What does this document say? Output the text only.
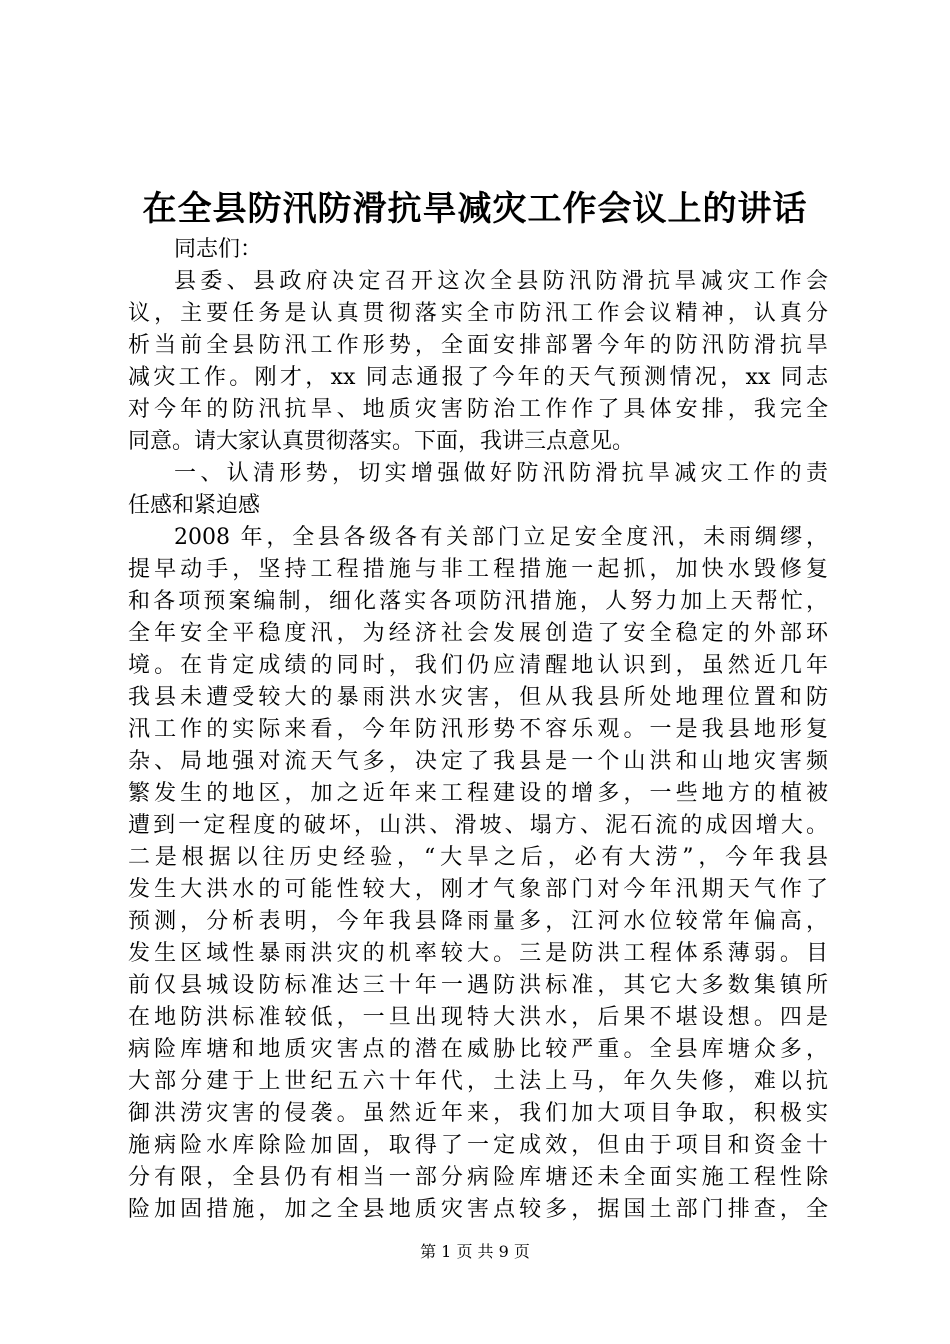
在全县防汛防滑抗旱减灾工作会议上的讲话
同志们：
县委、县政府决定召开这次全县防汛防滑抗旱减灾工作会
议，主要任务是认真贯彻落实全市防汛工作会议精神，认真分
析当前全县防汛工作形势，全面安排部署今年的防汛防滑抗旱
减灾工作。刚才，xx 同志通报了今年的天气预测情况，xx 同志
对今年的防汛抗旱、地质灾害防治工作作了具体安排，我完全
同意。请大家认真贯彻落实。下面，我讲三点意见。
一、认清形势，切实增强做好防汛防滑抗旱减灾工作的责
任感和紧迫感
2008 年，全县各级各有关部门立足安全度汛，未雨绸缪，
提早动手，坚持工程措施与非工程措施一起抓，加快水毁修复
和各项预案编制，细化落实各项防汛措施，人努力加上天帮忙，
全年安全平稳度汛，为经济社会发展创造了安全稳定的外部环
境。在肯定成绩的同时，我们仍应清醒地认识到，虽然近几年
我县未遭受较大的暴雨洪水灾害，但从我县所处地理位置和防
汛工作的实际来看，今年防汛形势不容乐观。一是我县地形复
杂、局地强对流天气多，决定了我县是一个山洪和山地灾害频
繁发生的地区，加之近年来工程建设的增多，一些地方的植被
遭到一定程度的破坏，山洪、滑坡、塌方、泥石流的成因增大。
二是根据以往历史经验，“大旱之后，必有大涝”，今年我县
发生大洪水的可能性较大，刚才气象部门对今年汛期天气作了
预测，分析表明，今年我县降雨量多，江河水位较常年偏高，
发生区域性暴雨洪灾的机率较大。三是防洪工程体系薄弱。目
前仅县城设防标准达三十年一遇防洪标准，其它大多数集镇所
在地防洪标准较低，一旦出现特大洪水，后果不堪设想。四是
病险库塘和地质灾害点的潜在威胁比较严重。全县库塘众多，
大部分建于上世纪五六十年代，土法上马，年久失修，难以抗
御洪涝灾害的侵袭。虽然近年来，我们加大项目争取，积极实
施病险水库除险加固，取得了一定成效，但由于项目和资金十
分有限，全县仍有相当一部分病险库塘还未全面实施工程性除
险加固措施，加之全县地质灾害点较多，据国土部门排查，全
第 1 页 共 9 页
